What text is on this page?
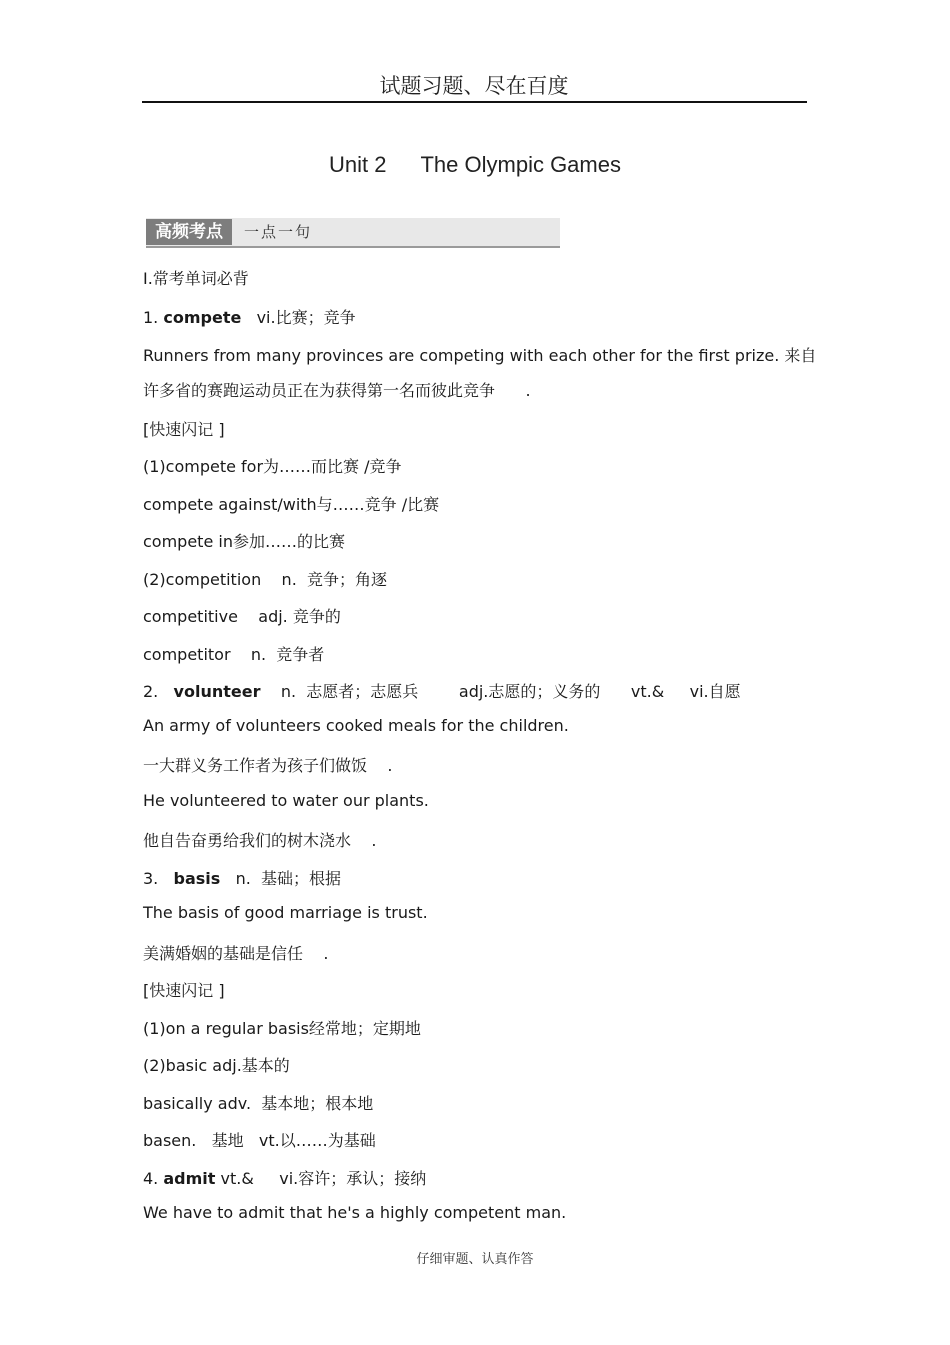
试题习题、尽在百度
Unit 2 The Olympic Games
高频考点	一点一句
Ⅰ.常考单词必背
1. compete   vi.比赛；竞争
Runners from many provinces are competing with each other for the first prize. 来自
许多省的赛跑运动员正在为获得第一名而彼此竞争      .
[快速闪记 ]
(1)compete for为……而比赛 /竞争
compete against/with与……竞争 /比赛
compete in参加……的比赛
(2)competition    n.  竞争；角逐
competitive    adj. 竞争的
competitor    n.  竞争者
2.   volunteer    n.  志愿者；志愿兵        adj.志愿的；义务的      vt.&     vi.自愿
An army of volunteers cooked meals for the children.
一大群义务工作者为孩子们做饭    .
He volunteered to water our plants.
他自告奋勇给我们的树木浇水    .
3.   basis   n.  基础；根据
The basis of good marriage is trust.
美满婚姻的基础是信任    .
[快速闪记 ]
(1)on a regular basis经常地；定期地
(2)basic adj.基本的
basically adv.  基本地；根本地
basen.   基地   vt.以……为基础
4. admit vt.&     vi.容许；承认；接纳
We have to admit that he's a highly competent man.
仔细审题、认真作答
